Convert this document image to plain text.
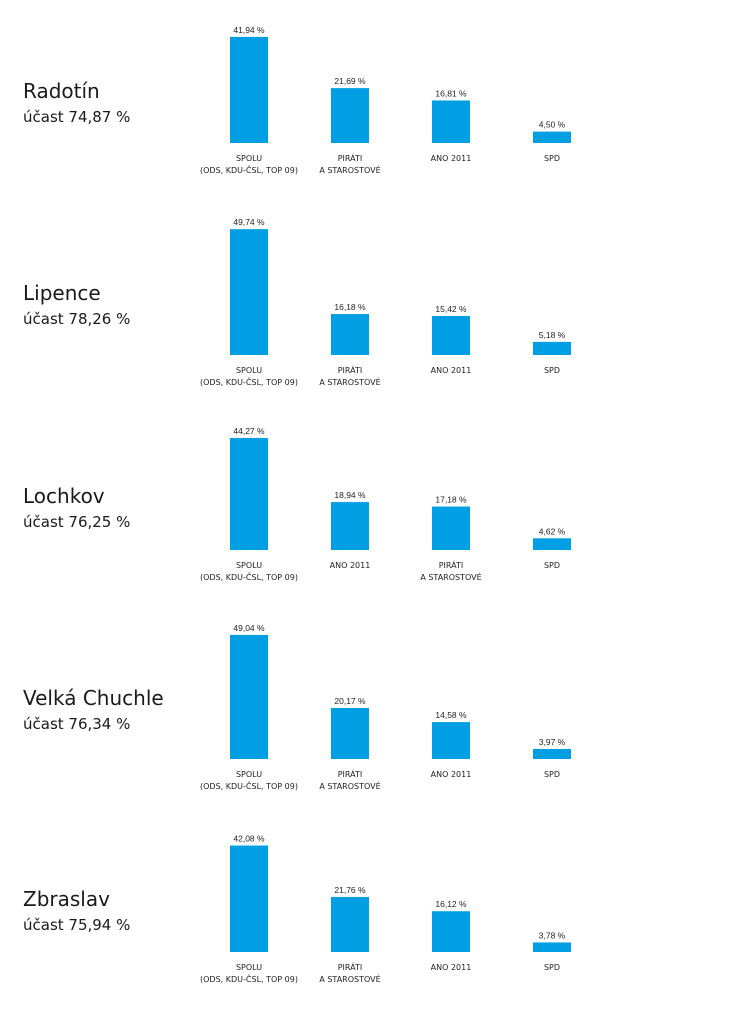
Radotín
účast 74,87 %
41,94 %
SPOLU
(ODS, KDU-ČSL, TOP 09)
21,69 %
PIRÁTI
A STAROSTOVÉ
16,81 %
ANO 2011
4,50 %
SPD
Lipence
účast 78,26 %
49,74 %
SPOLU
(ODS, KDU-ČSL, TOP 09)
16,18 %
PIRÁTI
A STAROSTOVÉ
15,42 %
ANO 2011
5,18 %
SPD
Lochkov
účast 76,25 %
44,27 %
SPOLU
(ODS, KDU-ČSL, TOP 09)
18,94 %
ANO 2011
17,18 %
PIRÁTI
A STAROSTOVÉ
4,62 %
SPD
Velká Chuchle
účast 76,34 %
49,04 %
SPOLU
(ODS, KDU-ČSL, TOP 09)
20,17 %
PIRÁTI
A STAROSTOVÉ
14,58 %
ANO 2011
3,97 %
SPD
Zbraslav
účast 75,94 %
42,08 %
SPOLU
(ODS, KDU-ČSL, TOP 09)
21,76 %
PIRÁTI
A STAROSTOVÉ
16,12 %
ANO 2011
3,78 %
SPD
